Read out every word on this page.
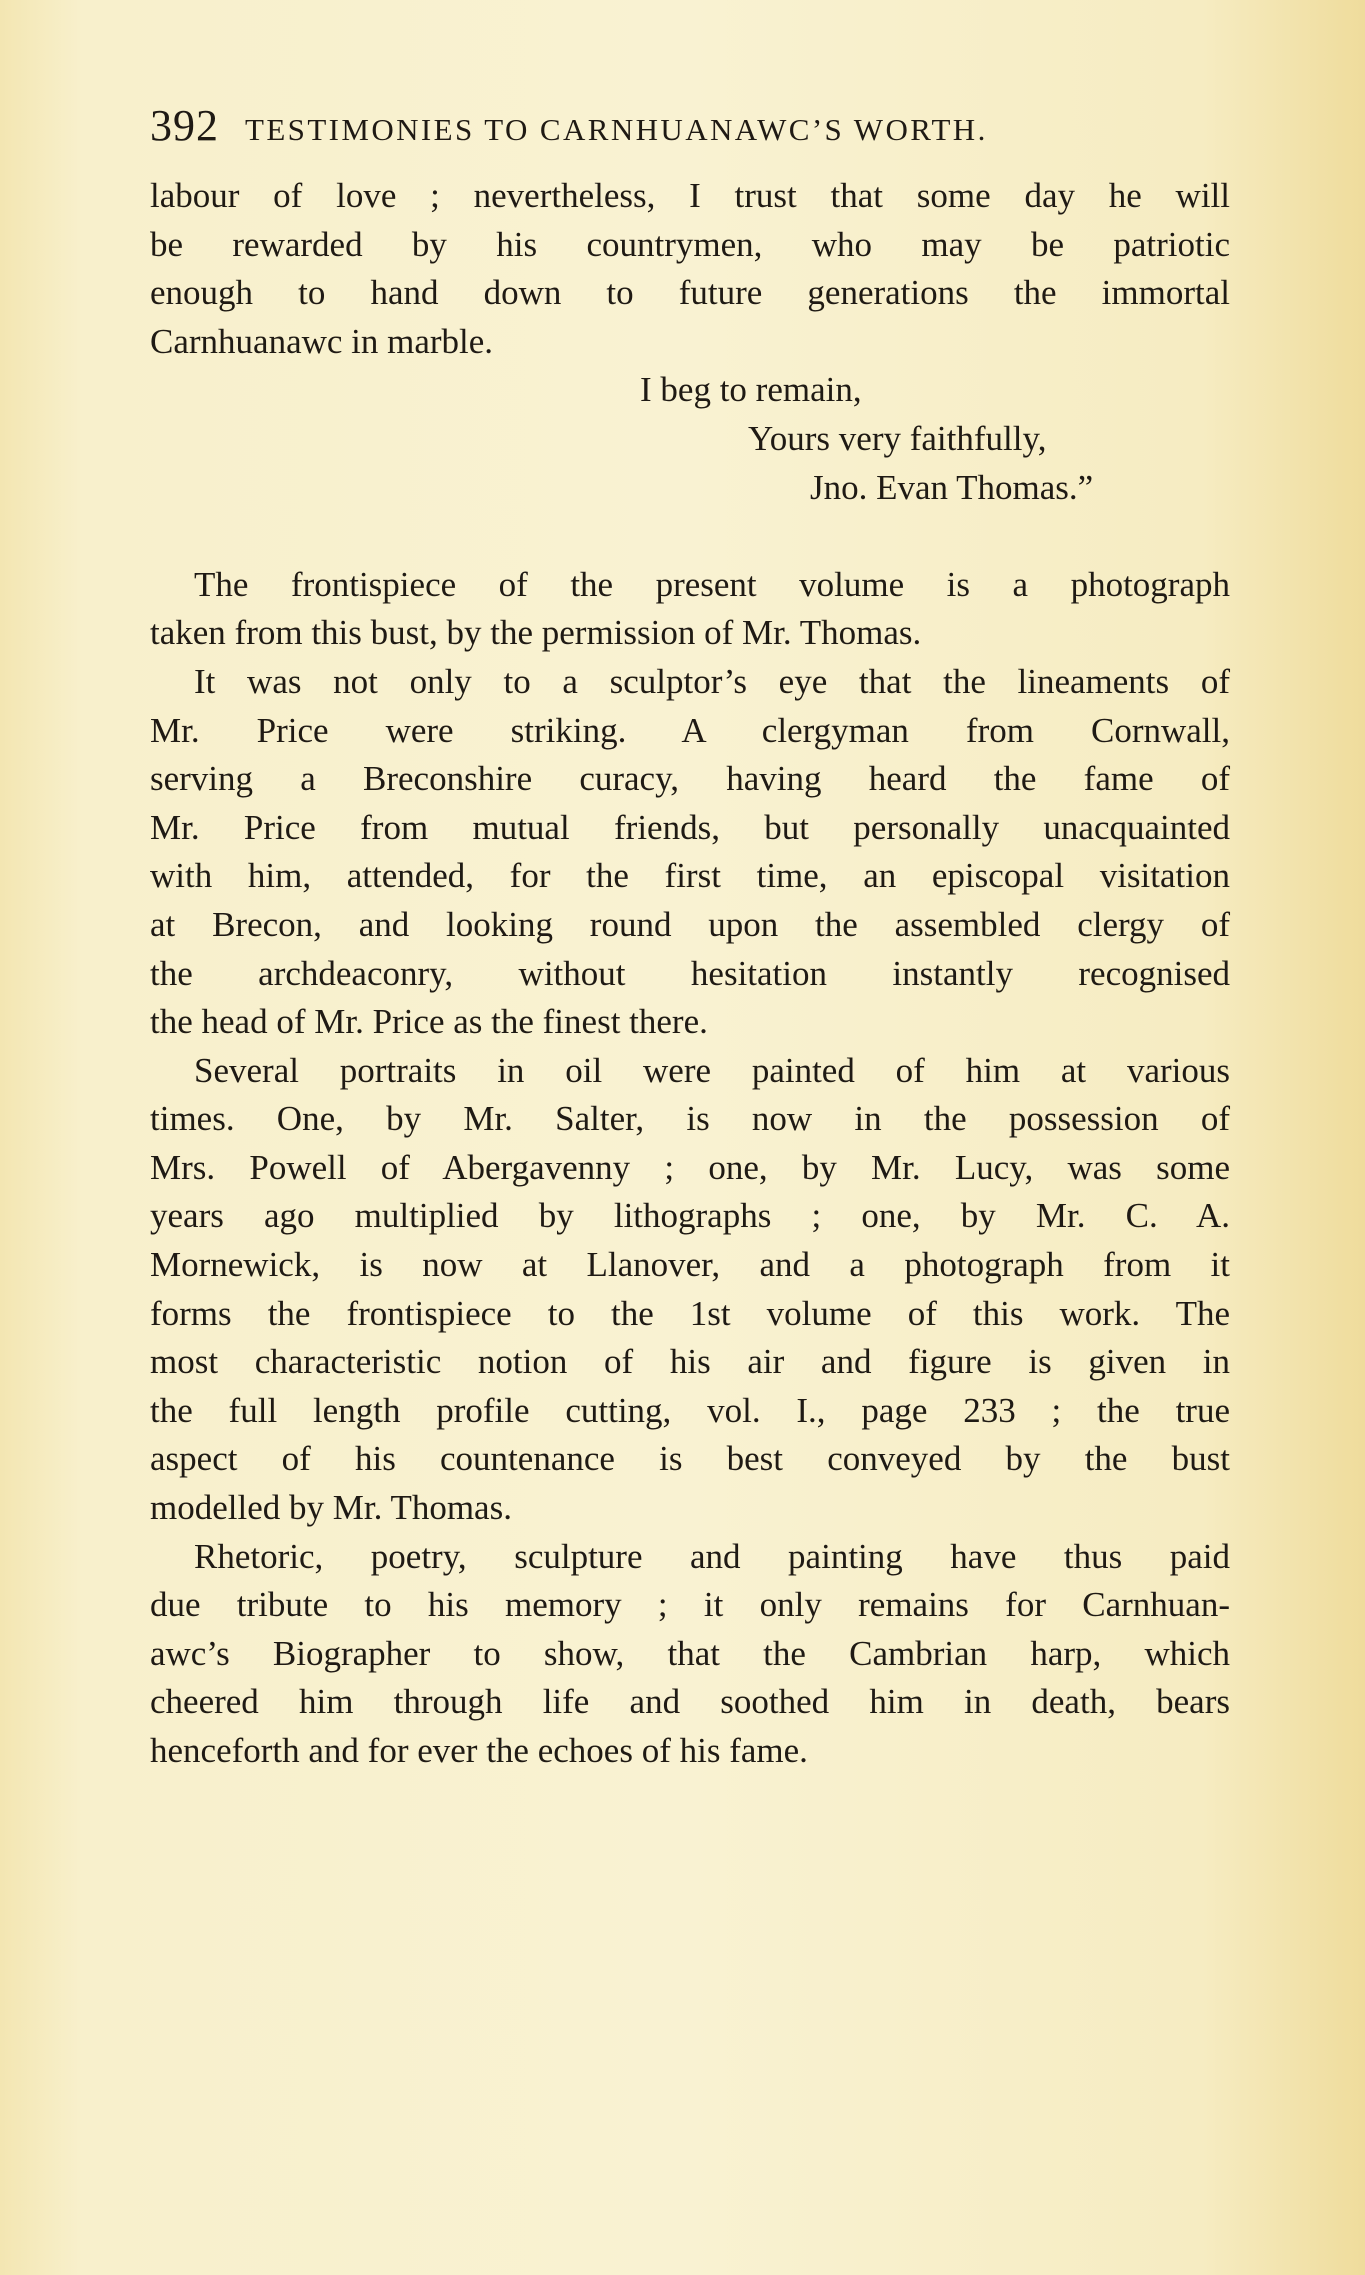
392 TESTIMONIES TO CARNHUANAWC’S WORTH.
labour of love ; nevertheless, I trust that some day he will
be rewarded by his countrymen, who may be patriotic
enough to hand down to future generations the immortal
Carnhuanawc in marble.
I beg to remain,
Yours very faithfully,
Jno. Evan Thomas.”
The frontispiece of the present volume is a photograph
taken from this bust, by the permission of Mr. Thomas.
It was not only to a sculptor’s eye that the lineaments of
Mr. Price were striking. A clergyman from Cornwall,
serving a Breconshire curacy, having heard the fame of
Mr. Price from mutual friends, but personally unacquainted
with him, attended, for the first time, an episcopal visitation
at Brecon, and looking round upon the assembled clergy of
the archdeaconry, without hesitation instantly recognised
the head of Mr. Price as the finest there.
Several portraits in oil were painted of him at various
times. One, by Mr. Salter, is now in the possession of
Mrs. Powell of Abergavenny ; one, by Mr. Lucy, was some
years ago multiplied by lithographs ; one, by Mr. C. A.
Mornewick, is now at Llanover, and a photograph from it
forms the frontispiece to the 1st volume of this work. The
most characteristic notion of his air and figure is given in
the full length profile cutting, vol. I., page 233 ; the true
aspect of his countenance is best conveyed by the bust
modelled by Mr. Thomas.
Rhetoric, poetry, sculpture and painting have thus paid
due tribute to his memory ; it only remains for Carnhuan-
awc’s Biographer to show, that the Cambrian harp, which
cheered him through life and soothed him in death, bears
henceforth and for ever the echoes of his fame.
